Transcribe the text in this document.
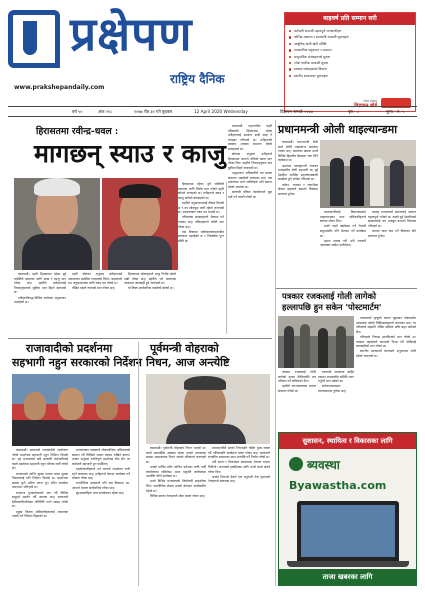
प्रक्षेपण
राष्ट्रिय दैनिक
www.prakshepandaily.com
बाइवर्ष प्रति सम्मान सरी
कर्मचारी सम्वन्धी महत्वपूर्ण जानकारीहरू
कोभिड संक्रमण र सावधानी सम्बन्धी सुचनाहरू
आधुनिक बाली खेती प्रविधि
व्यवसायिक पशुपालन र उत्पादन
सामुदायिक संस्थाहरूको सूचना
ज्येष्ठ नागरिक सम्बन्धी सूचना
स्वास्थ्य संस्थाहरूको विवरण
स्थानीय सरकारका सूचनाहरू
नेपाल सरकार
विज्ञापन बोर्ड
वर्ष ५०	अंक २५८	२०७७ चैत्र ३० गते बुधबार	12 April 2020 Wednesday	विज्ञापन सम्पर्क २०७४	पृष्ठ : ८	मूल्य : रु. ५
हिरासतमा रवीन्द्र-धवल :
मागछन् स्याउ र काजु

हिरासतमा रहेका दुवै व्यक्तिले खानाका लागि विशेष माग गरेको प्रहरी स्रोतले जनाएको छ। उनीहरूले स्याउ र काजु मागेको बताइएको छ।

प्रहरीले अनुसन्धानलाई तीव्रता दिएको छ र थप सोधपुछ जारी रहेको जनाएको छ। अदालतबाट म्याद थप भएको छ।

परिवारका सदस्यहरूले भेटघाट गर्न पाएका छन्। वकिलहरूले धरौटी माग गरेका छन्।

यस विषयमा सरोकारवालाहरूबीच छलफल भइरहेको छ र निष्कर्षमा पुग्न बाँकी छ।

काठमाडौं महानगरीय प्रहरी परिसरको हिरासतमा रहेका उनीहरूलाई सामान्य बन्दी सरह नै व्यवहार गरिएको छ। उनीहरूको स्वास्थ्य अवस्था सामान्य रहेको बताइएको छ।

स्रोतका अनुसार उनीहरूले हिरासतमा आफ्नो रुचिको खाना माग गरेका थिए। प्रहरीले नियमअनुसार मात्र सुविधा दिइने जनाएको छ।

अनुसन्धान अधिकारीले थप प्रमाण संकलन भइरहेको बताएका छन्। यस प्रकरणमा अन्य व्यक्तिहरू पनि संलग्न रहेको आशंका छ।

सरकारी वकिल कार्यालयले मुद्दा दर्ता गर्ने तयारी गरेको छ।

काठमाडौं। प्रहरी हिरासतमा रहेका दुई व्यक्तिले खानाका लागि स्याउ र काजु माग गरेका छन्। प्रहरीले उनीहरूलाई नियमानुसारको सुविधा मात्र दिइने बताएको छ।

उनीहरूविरुद्ध विभिन्न आरोपमा अनुसन्धान भइरहेको छ।

प्रहरी स्रोतका अनुसार उनीहरूलाई अदालतमा उपस्थित गराइएको थियो। अदालतले थप अनुसन्धानका लागि म्याद थप गरेको छ।

पीडित पक्षले न्यायको माग गरेका छन्।

हिरासतमा रहेकाहरूले आफू निर्दोष रहेको दाबी गरेका छन्। प्रहरीले भने प्रमाणका आधारमा कारबाही हुने जनाएको छ।

यो विषय सार्वजनिक चासोको बनेको छ।

प्रधानमन्त्री ओली थाइल्यान्डमा

काठमाडौं। प्रधानमन्त्री केपी शर्मा ओली थाइल्यान्ड भ्रमणमा गएका छन्। भ्रमणका क्रममा उनले विभिन्न द्विपक्षीय बैठकमा भाग लिने कार्यक्रम छ।

भ्रमणमा परराष्ट्रमन्त्री लगायत उच्चस्तरीय टोली सहभागी छ। दुई देशबीच आर्थिक सहयोगसम्बन्धी सम्झौता हुने अपेक्षा गरिएको छ।

पर्यटन, व्यापार र लगानीका क्षेत्रमा सहकार्य बढाउने विषयमा छलफल हुनेछ।

प्रधानमन्त्रीलाई विमानस्थलमा थाइल्यान्डका उच्च अधिकारीहरूले स्वागत गरेका थिए।

उनले त्यहाँ बसोबास गर्ने नेपाली समुदायसँग पनि भेटघाट गर्ने कार्यक्रम छ।

भ्रमण सम्पन्न गरी उनी आगामी आइतबार स्वदेश फर्कनेछन्।

परराष्ट्र मन्त्रालयले भ्रमणलाई अत्यन्त महत्वपूर्ण भनेको छ। यसले दुई देशबीचको सम्बन्धलाई थप मजबुत बनाउने विश्वास गरिएको छ।

व्यापार घाटा कम गर्ने विषयमा पनि छलफल हुनेछ।

पत्रकार रजकलाई गोली लागेको
हल्लापछि हुन सकेन 'पोस्टमार्टम'

पत्रकारको मृत्युको कारण खुलाउन पोस्टमार्टम आवश्यक रहेको चिकित्सकहरूले बताएका छन्। तर परिवारले सहमति नदिँदा प्रक्रिया अघि बढ्न सकेको छैन।

परिवारले निष्पक्ष छानबिनको माग गरेको छ। पत्रकार महासंघले घटनाको निन्दा गर्दै दोषीलाई कारबाहीको माग गरेको छ।

स्थानीय प्रशासनले घटनाबारे अनुसन्धान जारी रहेको जनाएको छ।

पत्रकार रजकलाई गोली लागेको हल्ला फैलिएपछि शव परीक्षण गर्न सकिएको छैन।

प्रहरीले घटनास्थलबाट प्रमाण संकलन गरेको छ।

घटनाको सत्यतथ्य बाहिर ल्याउन उच्चस्तरीय समिति गठन गर्नुपर्ने माग उठेको छ।

सरोकारवालाहरू घटनास्थलमा पुगेका छन्।

राजावादीको प्रदर्शनमा
सहभागी नहुन सरकारको निर्देशन

काठमाडौं। सरकारले राजावादीले आयोजना गरेको प्रदर्शनमा सहभागी नहुन निर्देशन दिएको छ। गृह मन्त्रालयले सबै सरकारी कर्मचारीलाई यस्तो प्रदर्शनमा सहभागी नहुन परिपत्र जारी गरेको हो।

मन्त्रालयले शान्ति सुरक्षा कायम राख्न सुरक्षा निकायलाई पनि निर्देशन दिएको छ। प्रदर्शनका क्रममा कुनै अप्रिय घटना हुन नदिन सतर्कता अपनाउन भनिएको छ।

राजतन्त्र पुनर्स्थापनाको माग गर्दै विभिन्न समूहले प्रदर्शन गर्दै आएका छन्। सरकारले संविधानविपरीतका गतिविधि नगर्न आग्रह गरेको छ।

प्रमुख जिल्ला अधिकारीहरूलाई आवश्यक तयारी गर्न निर्देशन दिइएको छ।

मन्त्रालयका प्रवक्ताले लोकतान्त्रिक अधिकारको सम्मान गर्दै विधिको शासन कायम राखिने बताए। उनका अनुसार शान्तिपूर्ण प्रदर्शनमा रोक छैन तर कर्मचारी सहभागी हुन पाउँदैनन्।

प्रदर्शनकारीहरूले भने आफ्नो आन्दोलन जारी रहने बताएका छन्। उनीहरूले देशभर कार्यक्रम गर्ने घोषणा गरेका छन्।

राजनीतिक दलहरूले पनि यस विषयमा आ-आफ्नो धारणा सार्वजनिक गरेका छन्।

सुरक्षाकर्मीहरू उच्च सतर्कतामा रहेका छन्।

पूर्वमन्त्री वोहराको
निधन, आज अन्त्येष्टि

काठमाडौं। पूर्वमन्त्री वोहराको निधन भएको छ। लामो समयदेखि अस्वस्थ रहेका उनको उपचारका क्रममा अस्पतालमा निधन भएको परिवारले जनाएको छ।

उनको पार्थिव शरीर अन्तिम दर्शनका लागि पार्टी कार्यालयमा राखिनेछ। आज पशुपति आर्यघाटमा अन्त्येष्टि गरिने कार्यक्रम छ।

उनले विभिन्न मन्त्रालयको जिम्मेवारी सम्हालेका थिए। राजनीतिक क्षेत्रमा उनको योगदान उल्लेखनीय रहेको छ।

विभिन्न दलका नेताहरूले शोक व्यक्त गरेका छन्।

प्रधानमन्त्रीले उनको निधनप्रति गहिरो दुःख व्यक्त गर्दै परिवारप्रति समवेदना प्रकट गरेका छन्। सरकारले राजकीय सम्मानका साथ अन्त्येष्टि गर्ने निर्णय गरेको छ।

उनी सरल र मिलनसार स्वभावका नेताका रूपमा चिनिन्थे। जनताको हकहितका लागि उनले लामो संघर्ष गरेका थिए।

उनको निधनले देशले एक अनुभवी नेता गुमाएको नेताहरूले बताएका छन्।

सुशासन, स्थायित्व र विकासका लागि
ब्यवस्था
Byawastha.com
ताजा खबरका लागि
